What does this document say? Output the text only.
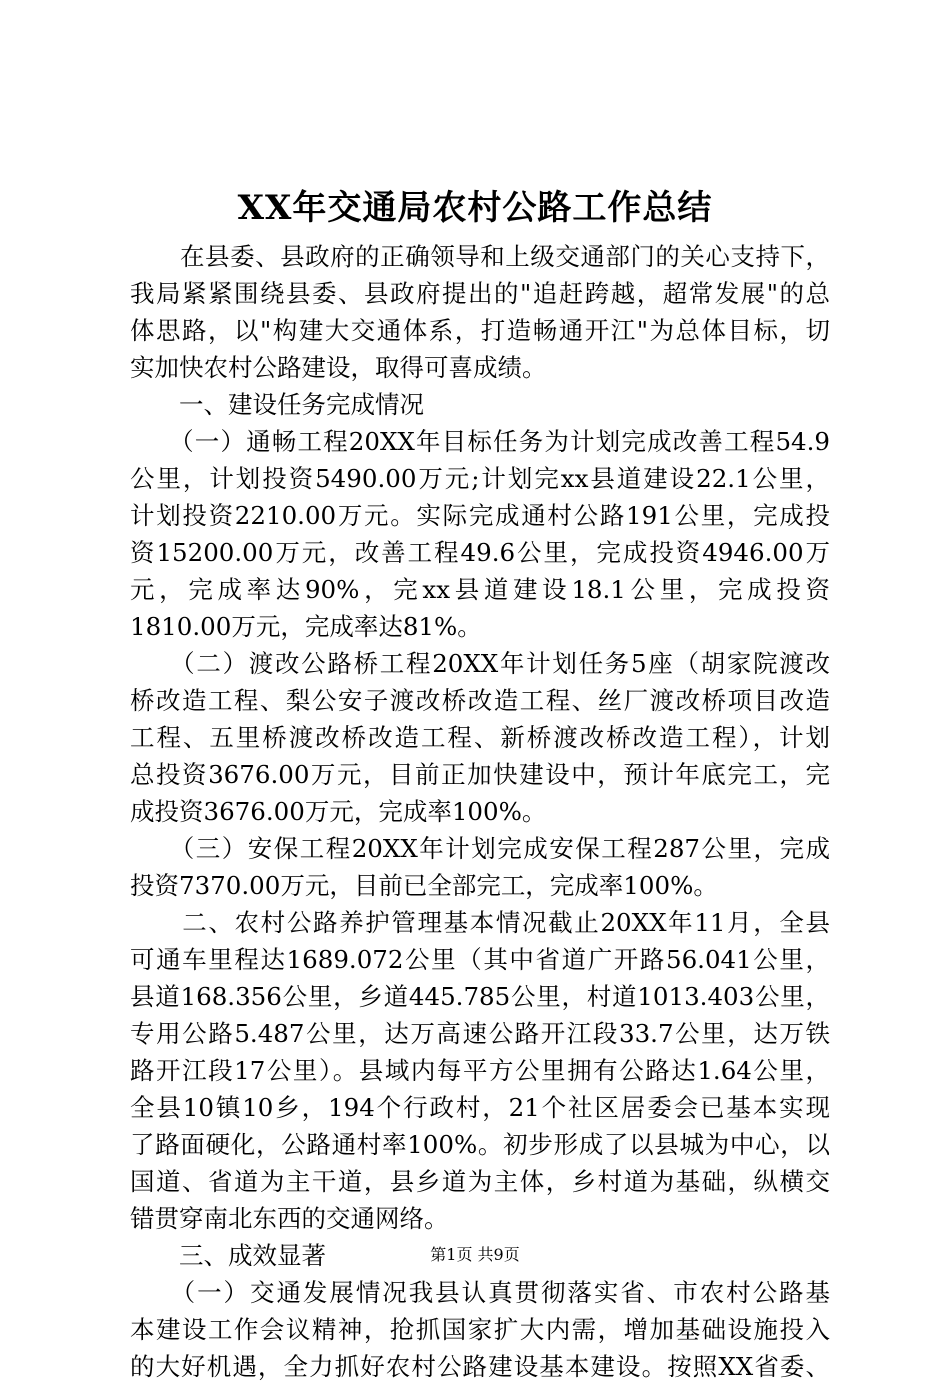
XX年交通局农村公路工作总结
　　在县委、县政府的正确领导和上级交通部门的关心支持下，
我局紧紧围绕县委、县政府提出的"追赶跨越，超常发展"的总
体思路，以"构建大交通体系，打造畅通开江"为总体目标，切
实加快农村公路建设，取得可喜成绩。
　　一、建设任务完成情况
　　（一）通畅工程20XX年目标任务为计划完成改善工程54.9
公里，计划投资5490.00万元;计划完xx县道建设22.1公里，
计划投资2210.00万元。实际完成通村公路191公里，完成投
资15200.00万元，改善工程49.6公里，完成投资4946.00万
元，完成率达90%，完xx县道建设18.1公里，完成投资
1810.00万元，完成率达81%。
　　（二）渡改公路桥工程20XX年计划任务5座（胡家院渡改
桥改造工程、梨公安子渡改桥改造工程、丝厂渡改桥项目改造
工程、五里桥渡改桥改造工程、新桥渡改桥改造工程），计划
总投资3676.00万元，目前正加快建设中，预计年底完工，完
成投资3676.00万元，完成率100%。
　　（三）安保工程20XX年计划完成安保工程287公里，完成
投资7370.00万元，目前已全部完工，完成率100%。
　　二、农村公路养护管理基本情况截止20XX年11月，全县
可通车里程达1689.072公里（其中省道广开路56.041公里，
县道168.356公里，乡道445.785公里，村道1013.403公里，
专用公路5.487公里，达万高速公路开江段33.7公里，达万铁
路开江段17公里）。县域内每平方公里拥有公路达1.64公里，
全县10镇10乡，194个行政村，21个社区居委会已基本实现
了路面硬化，公路通村率100%。初步形成了以县城为中心，以
国道、省道为主干道，县乡道为主体，乡村道为基础，纵横交
错贯穿南北东西的交通网络。
　　三、成效显著
　　（一）交通发展情况我县认真贯彻落实省、市农村公路基
本建设工作会议精神，抢抓国家扩大内需，增加基础设施投入
的大好机遇，全力抓好农村公路建设基本建设。按照XX省委、
第1页 共9页
